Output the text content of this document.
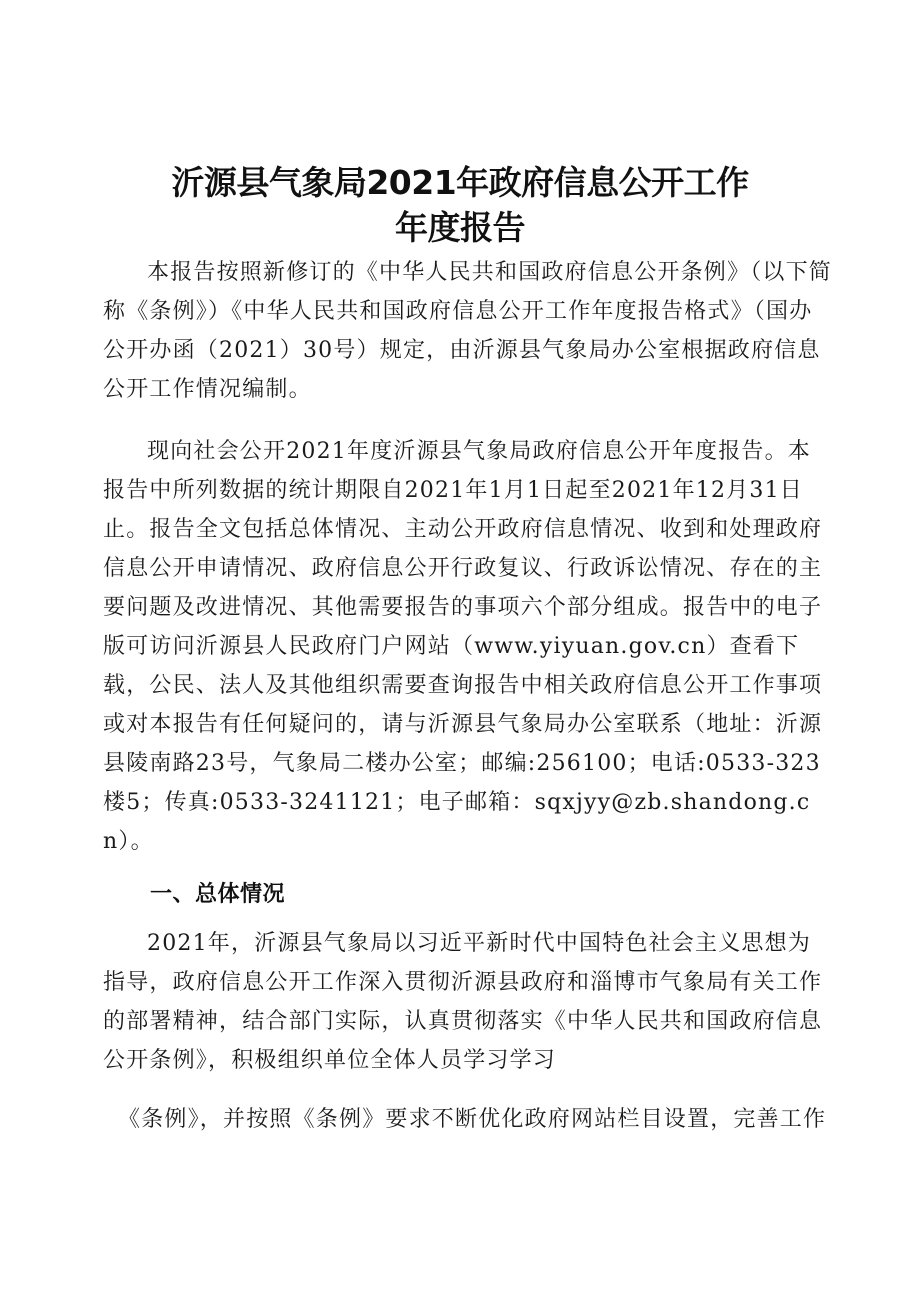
沂源县气象局2021年政府信息公开工作
年度报告

本报告按照新修订的《中华人民共和国政府信息公开条例》（以下简称《条例》）《中华人民共和国政府信息公开工作年度报告格式》（国办公开办函（2021）30号）规定，由沂源县气象局办公室根据政府信息公开工作情况编制。

现向社会公开2021年度沂源县气象局政府信息公开年度报告。本报告中所列数据的统计期限自2021年1月1日起至2021年12月31日止。报告全文包括总体情况、主动公开政府信息情况、收到和处理政府信息公开申请情况、政府信息公开行政复议、行政诉讼情况、存在的主要问题及改进情况、其他需要报告的事项六个部分组成。报告中的电子版可访问沂源县人民政府门户网站（www.yiyuan.gov.cn）查看下载，公民、法人及其他组织需要查询报告中相关政府信息公开工作事项或对本报告有任何疑问的，请与沂源县气象局办公室联系（地址：沂源县陵南路23号，气象局二楼办公室；邮编:256100；电话:0533-323楼5；传真:0533-3241121；电子邮箱：sqxjyy@zb.shandong.cn）。

一、总体情况

2021年，沂源县气象局以习近平新时代中国特色社会主义思想为指导，政府信息公开工作深入贯彻沂源县政府和淄博市气象局有关工作的部署精神，结合部门实际，认真贯彻落实《中华人民共和国政府信息公开条例》，积极组织单位全体人员学习学习

《条例》，并按照《条例》要求不断优化政府网站栏目设置，完善工作
